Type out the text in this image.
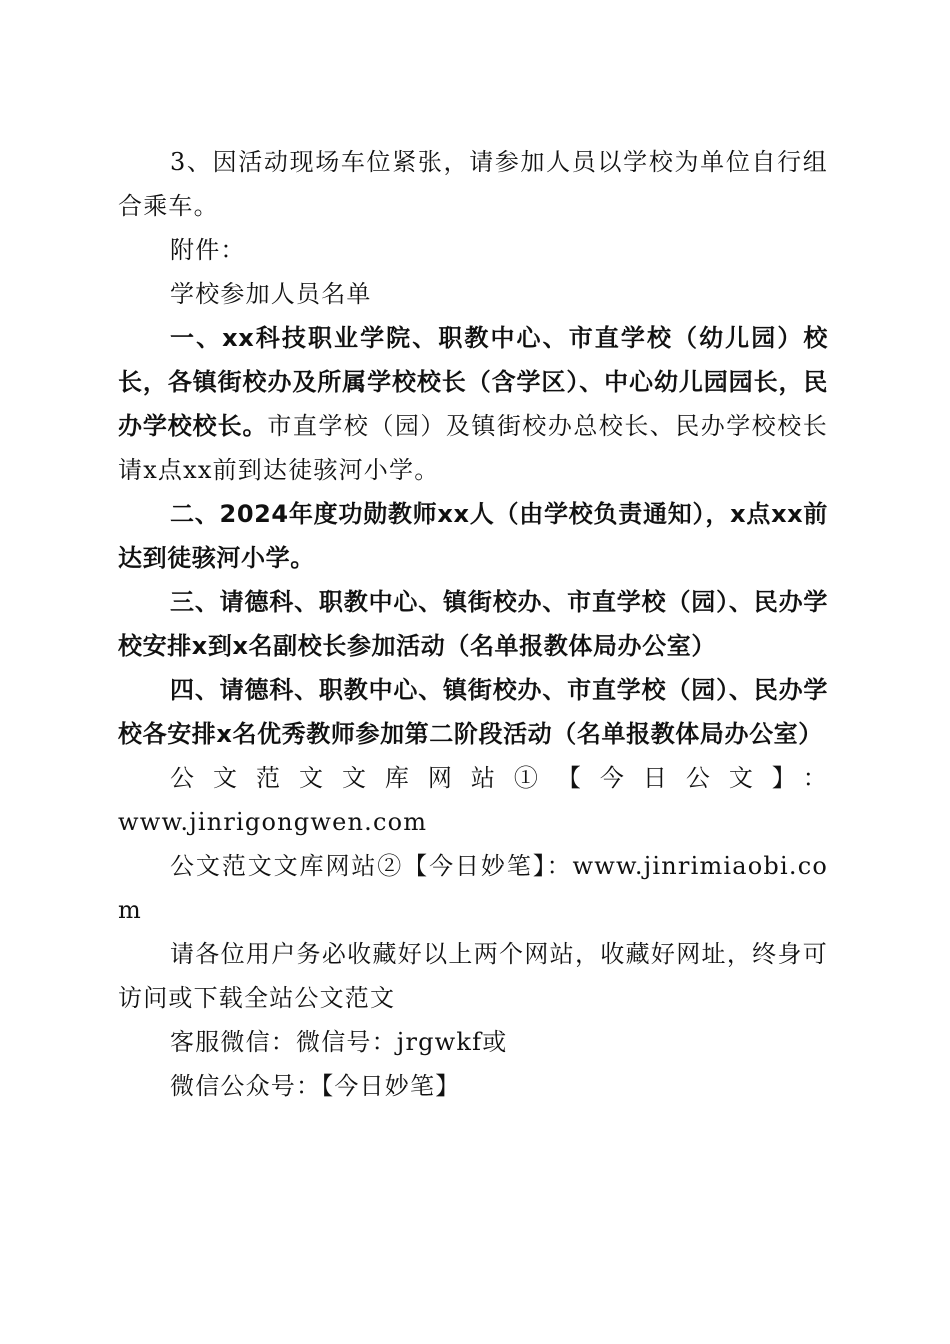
3、因活动现场车位紧张，请参加人员以学校为单位自行组合乘车。

附件：

学校参加人员名单

一、xx科技职业学院、职教中心、市直学校（幼儿园）校长，各镇街校办及所属学校校长（含学区）、中心幼儿园园长，民办学校校长。市直学校（园）及镇街校办总校长、民办学校校长请x点xx前到达徒骇河小学。

二、2024年度功勋教师xx人（由学校负责通知），x点xx前达到徒骇河小学。

三、请德科、职教中心、镇街校办、市直学校（园）、民办学校安排x到x名副校长参加活动（名单报教体局办公室）

四、请德科、职教中心、镇街校办、市直学校（园）、民办学校各安排x名优秀教师参加第二阶段活动（名单报教体局办公室）

公文范文文库网站①【今日公文】：

www.jinrigongwen.com

公文范文文库网站②【今日妙笔】：www.jinrimiaobi.com

请各位用户务必收藏好以上两个网站，收藏好网址，终身可访问或下载全站公文范文

客服微信：微信号：jrgwkf或

微信公众号：【今日妙笔】
